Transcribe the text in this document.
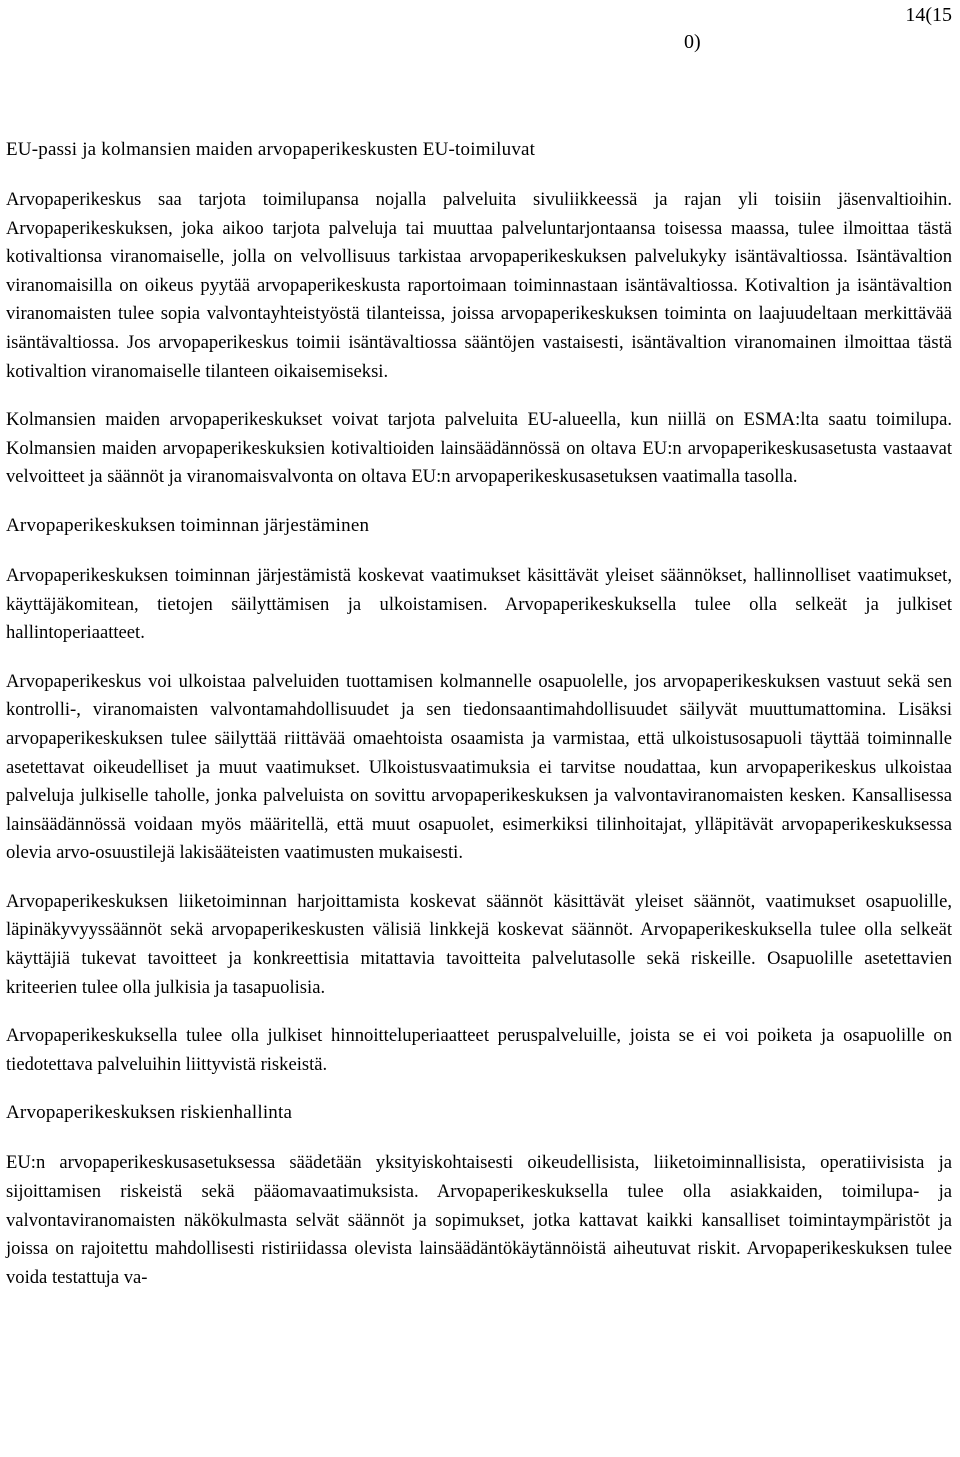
14(15
0)
EU-passi ja kolmansien maiden arvopaperikeskusten EU-toimiluvat

Arvopaperikeskus saa tarjota toimilupansa nojalla palveluita sivuliikkeessä ja rajan yli toisiin jäsenvaltioihin. Arvopaperikeskuksen, joka aikoo tarjota palveluja tai muuttaa palveluntarjontaansa toisessa maassa, tulee ilmoittaa tästä kotivaltionsa viranomaiselle, jolla on velvollisuus tarkistaa arvopaperikeskuksen palvelukyky isäntävaltiossa. Isäntävaltion viranomaisilla on oikeus pyytää arvopaperikeskusta raportoimaan toiminnastaan isäntävaltiossa. Kotivaltion ja isäntävaltion viranomaisten tulee sopia valvontayhteistyöstä tilanteissa, joissa arvopaperikeskuksen toiminta on laajuudeltaan merkittävää isäntävaltiossa. Jos arvopaperikeskus toimii isäntävaltiossa sääntöjen vastaisesti, isäntävaltion viranomainen ilmoittaa tästä kotivaltion viranomaiselle tilanteen oikaisemiseksi.

Kolmansien maiden arvopaperikeskukset voivat tarjota palveluita EU-alueella, kun niillä on ESMA:lta saatu toimilupa. Kolmansien maiden arvopaperikeskuksien kotivaltioiden lainsäädännössä on oltava EU:n arvopaperikeskusasetusta vastaavat velvoitteet ja säännöt ja viranomaisvalvonta on oltava EU:n arvopaperikeskusasetuksen vaatimalla tasolla.

Arvopaperikeskuksen toiminnan järjestäminen

Arvopaperikeskuksen toiminnan järjestämistä koskevat vaatimukset käsittävät yleiset säännökset, hallinnolliset vaatimukset, käyttäjäkomitean, tietojen säilyttämisen ja ulkoistamisen. Arvopaperikeskuksella tulee olla selkeät ja julkiset hallintoperiaatteet.

Arvopaperikeskus voi ulkoistaa palveluiden tuottamisen kolmannelle osapuolelle, jos arvopaperikeskuksen vastuut sekä sen kontrolli-, viranomaisten valvontamahdollisuudet ja sen tiedonsaantimahdollisuudet säilyvät muuttumattomina. Lisäksi arvopaperikeskuksen tulee säilyttää riittävää omaehtoista osaamista ja varmistaa, että ulkoistusosapuoli täyttää toiminnalle asetettavat oikeudelliset ja muut vaatimukset. Ulkoistusvaatimuksia ei tarvitse noudattaa, kun arvopaperikeskus ulkoistaa palveluja julkiselle taholle, jonka palveluista on sovittu arvopaperikeskuksen ja valvontaviranomaisten kesken. Kansallisessa lainsäädännössä voidaan myös määritellä, että muut osapuolet, esimerkiksi tilinhoitajat, ylläpitävät arvopaperikeskuksessa olevia arvo-osuustilejä lakisääteisten vaatimusten mukaisesti.

Arvopaperikeskuksen liiketoiminnan harjoittamista koskevat säännöt käsittävät yleiset säännöt, vaatimukset osapuolille, läpinäkyvyyssäännöt sekä arvopaperikeskusten välisiä linkkejä koskevat säännöt. Arvopaperikeskuksella tulee olla selkeät käyttäjiä tukevat tavoitteet ja konkreettisia mitattavia tavoitteita palvelutasolle sekä riskeille. Osapuolille asetettavien kriteerien tulee olla julkisia ja tasapuolisia.

Arvopaperikeskuksella tulee olla julkiset hinnoitteluperiaatteet peruspalveluille, joista se ei voi poiketa ja osapuolille on tiedotettava palveluihin liittyvistä riskeistä.

Arvopaperikeskuksen riskienhallinta

EU:n arvopaperikeskusasetuksessa säädetään yksityiskohtaisesti oikeudellisista, liiketoiminnallisista, operatiivisista ja sijoittamisen riskeistä sekä pääomavaatimuksista. Arvopaperikeskuksella tulee olla asiakkaiden, toimilupa- ja valvontaviranomaisten näkökulmasta selvät säännöt ja sopimukset, jotka kattavat kaikki kansalliset toimintaympäristöt ja joissa on rajoitettu mahdollisesti ristiriidassa olevista lainsäädäntökäytännöistä aiheutuvat riskit. Arvopaperikeskuksen tulee voida testattuja va-
